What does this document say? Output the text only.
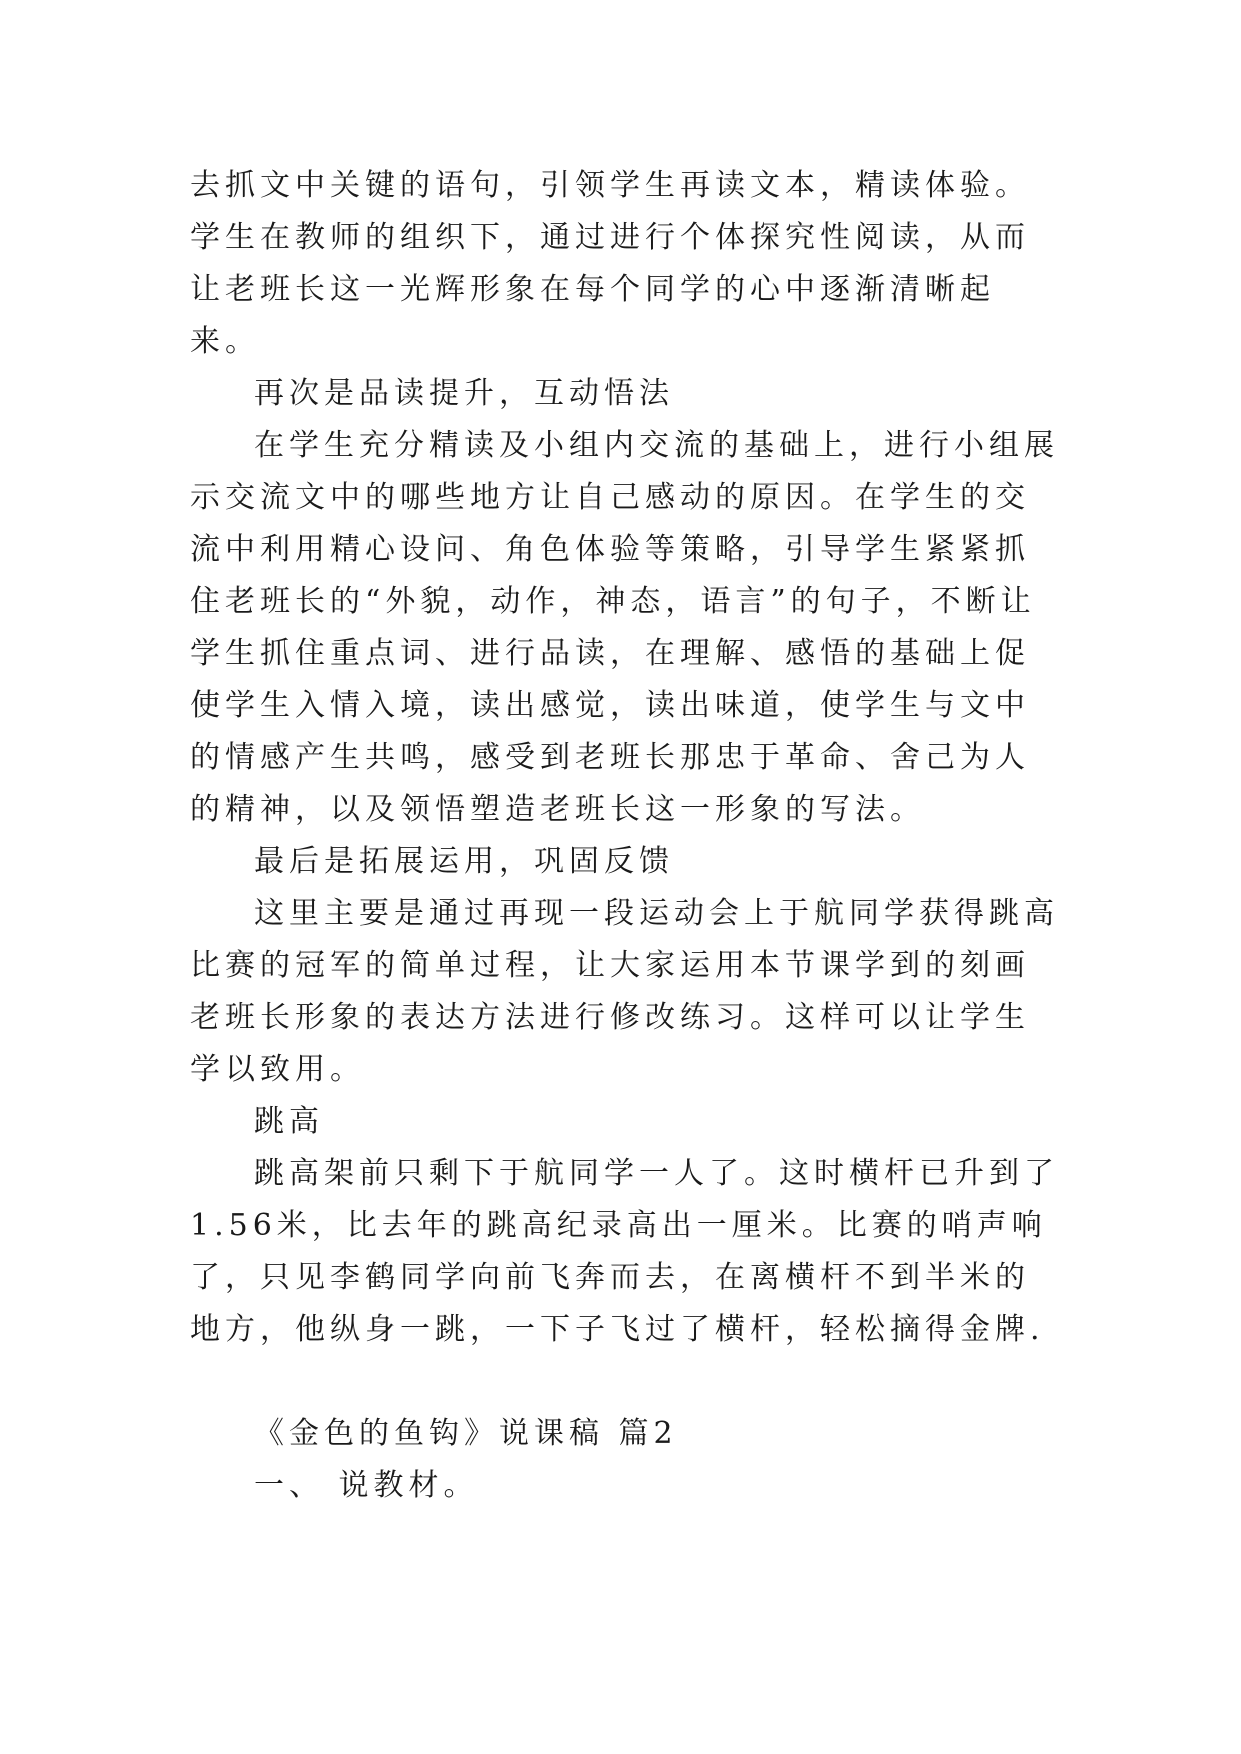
去抓文中关键的语句，引领学生再读文本，精读体验。学生在教师的组织下，通过进行个体探究性阅读，从而让老班长这一光辉形象在每个同学的心中逐渐清晰起来。

再次是品读提升，互动悟法

在学生充分精读及小组内交流的基础上，进行小组展示交流文中的哪些地方让自己感动的原因。在学生的交流中利用精心设问、角色体验等策略，引导学生紧紧抓住老班长的“外貌，动作，神态，语言”的句子，不断让学生抓住重点词、进行品读，在理解、感悟的基础上促使学生入情入境，读出感觉，读出味道，使学生与文中的情感产生共鸣，感受到老班长那忠于革命、舍己为人的精神，以及领悟塑造老班长这一形象的写法。

最后是拓展运用，巩固反馈

这里主要是通过再现一段运动会上于航同学获得跳高比赛的冠军的简单过程，让大家运用本节课学到的刻画老班长形象的表达方法进行修改练习。这样可以让学生学以致用。

跳高

跳高架前只剩下于航同学一人了。这时横杆已升到了1.56米，比去年的跳高纪录高出一厘米。比赛的哨声响了，只见李鹤同学向前飞奔而去，在离横杆不到半米的地方，他纵身一跳，一下子飞过了横杆，轻松摘得金牌.

《金色的鱼钩》说课稿 篇2

一、 说教材。
